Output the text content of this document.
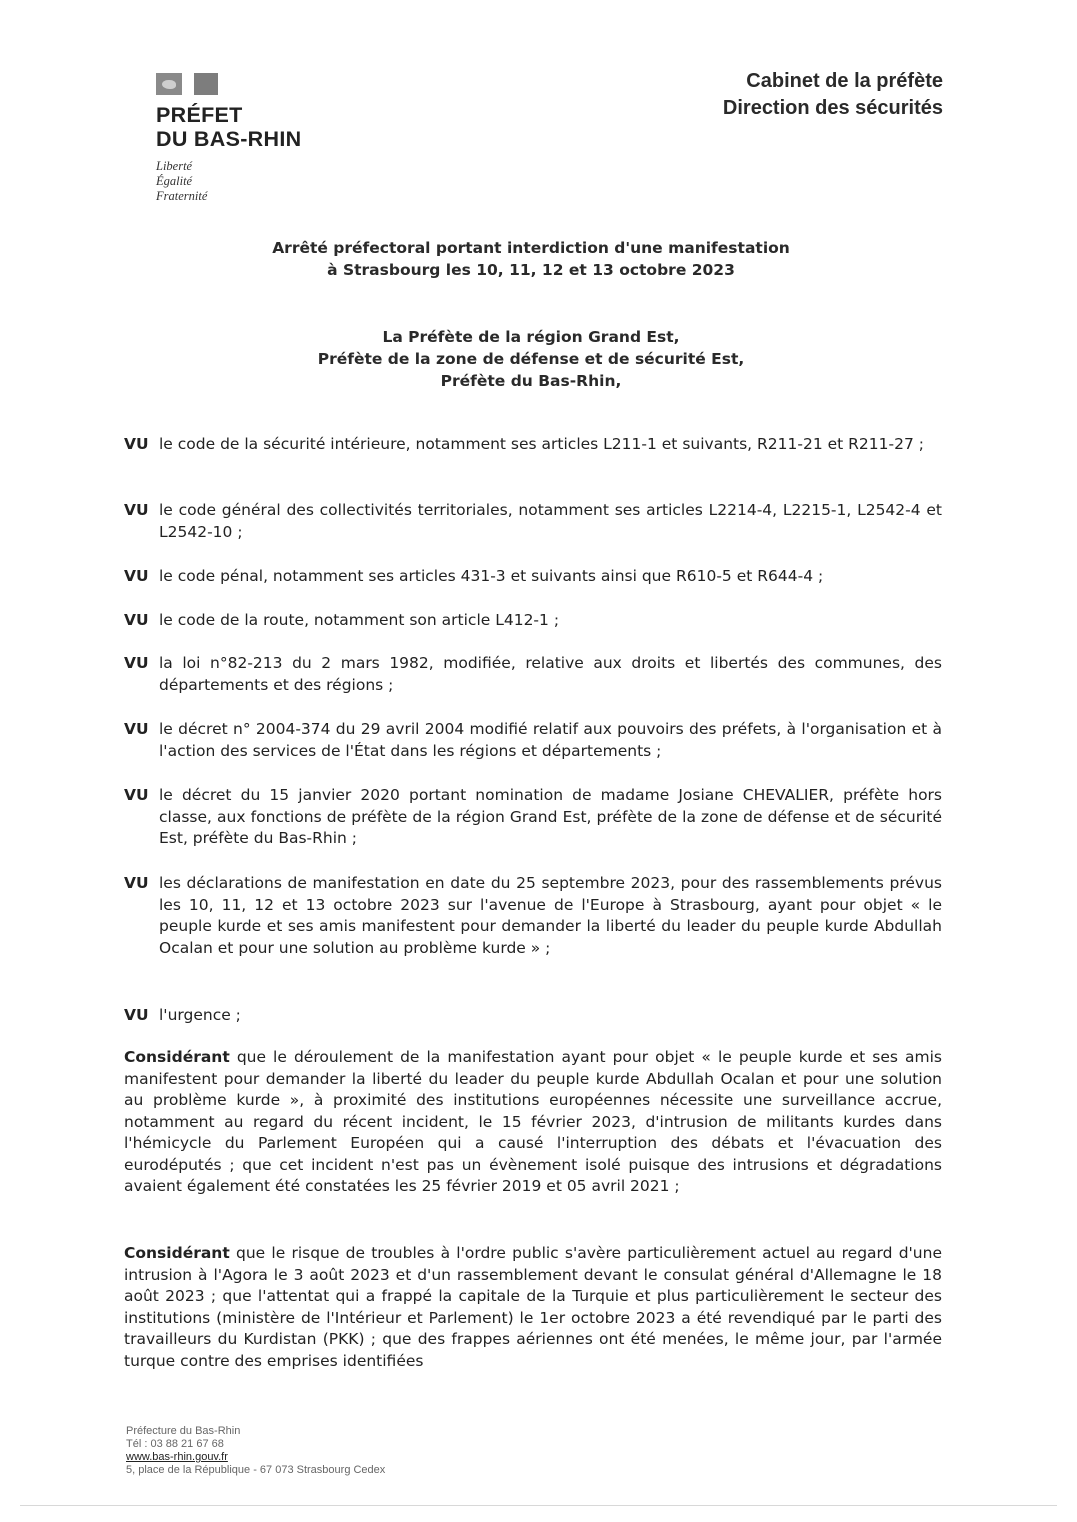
PRÉFET
DU BAS-RHIN
Liberté
Égalité
Fraternité
Cabinet de la préfète
Direction des sécurités
Arrêté préfectoral portant interdiction d'une manifestation
à Strasbourg les 10, 11, 12 et 13 octobre 2023
La Préfète de la région Grand Est,
Préfète de la zone de défense et de sécurité Est,
Préfète du Bas-Rhin,
VU le code de la sécurité intérieure, notamment ses articles L211-1 et suivants, R211-21 et R211-27 ;
VU le code général des collectivités territoriales, notamment ses articles L2214-4, L2215-1, L2542-4 et L2542-10 ;
VU le code pénal, notamment ses articles 431-3 et suivants ainsi que R610-5 et R644-4 ;
VU le code de la route, notamment son article L412-1 ;
VU la loi n°82-213 du 2 mars 1982, modifiée, relative aux droits et libertés des communes, des départements et des régions ;
VU le décret n° 2004-374 du 29 avril 2004 modifié relatif aux pouvoirs des préfets, à l'organisation et à l'action des services de l'État dans les régions et départements ;
VU le décret du 15 janvier 2020 portant nomination de madame Josiane CHEVALIER, préfète hors classe, aux fonctions de préfète de la région Grand Est, préfète de la zone de défense et de sécurité Est, préfète du Bas-Rhin ;
VU les déclarations de manifestation en date du 25 septembre 2023, pour des rassemblements prévus les 10, 11, 12 et 13 octobre 2023 sur l'avenue de l'Europe à Strasbourg, ayant pour objet « le peuple kurde et ses amis manifestent pour demander la liberté du leader du peuple kurde Abdullah Ocalan et pour une solution au problème kurde » ;
VU l'urgence ;
Considérant que le déroulement de la manifestation ayant pour objet « le peuple kurde et ses amis manifestent pour demander la liberté du leader du peuple kurde Abdullah Ocalan et pour une solution au problème kurde », à proximité des institutions européennes nécessite une surveillance accrue, notamment au regard du récent incident, le 15 février 2023, d'intrusion de militants kurdes dans l'hémicycle du Parlement Européen qui a causé l'interruption des débats et l'évacuation des eurodéputés ; que cet incident n'est pas un évènement isolé puisque des intrusions et dégradations avaient également été constatées les 25 février 2019 et 05 avril 2021 ;
Considérant que le risque de troubles à l'ordre public s'avère particulièrement actuel au regard d'une intrusion à l'Agora le 3 août 2023 et d'un rassemblement devant le consulat général d'Allemagne le 18 août 2023 ; que l'attentat qui a frappé la capitale de la Turquie et plus particulièrement le secteur des institutions (ministère de l'Intérieur et Parlement) le 1er octobre 2023 a été revendiqué par le parti des travailleurs du Kurdistan (PKK) ; que des frappes aériennes ont été menées, le même jour, par l'armée turque contre des emprises identifiées
Préfecture du Bas-Rhin
Tél : 03 88 21 67 68
www.bas-rhin.gouv.fr
5, place de la République - 67 073 Strasbourg Cedex
